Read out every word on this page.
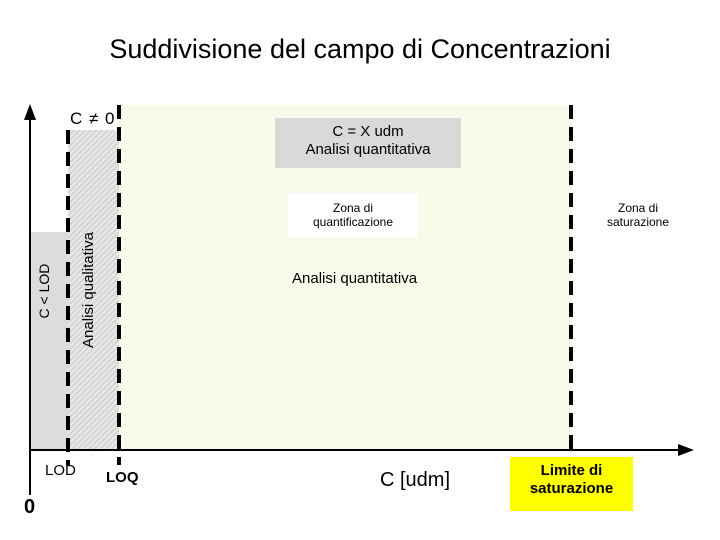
Suddivisione del campo di Concentrazioni
C ≠ 0
C = X udm
Analisi quantitativa
Zona di quantificazione
Zona di saturazione
Analisi quantitativa
Analisi qualitativa
C < LOD
LOD LOQ	C [udm]	Limite di saturazione
0
